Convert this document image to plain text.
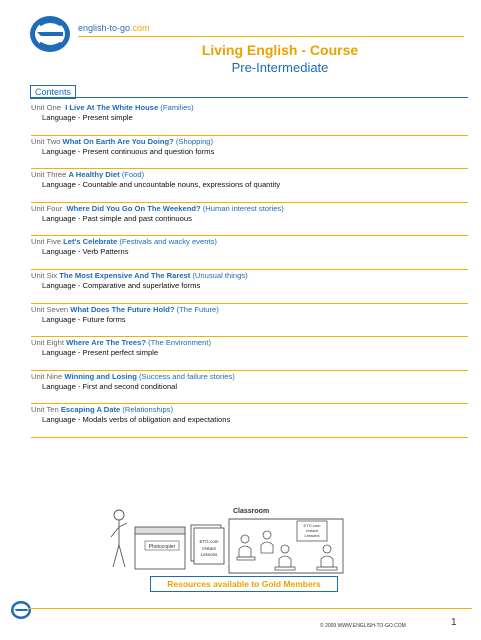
english-to-go.com
Living English - Course
Pre-Intermediate
Contents
Unit One I Live At The White House (Families)
Language - Present simple
Unit Two What On Earth Are You Doing? (Shopping)
Language - Present continuous and question forms
Unit Three A Healthy Diet (Food)
Language - Countable and uncountable nouns, expressions of quantity
Unit Four Where Did You Go On The Weekend? (Human interest stories)
Language - Past simple and past continuous
Unit Five Let's Celebrate (Festivals and wacky events)
Language - Verb Patterns
Unit Six The Most Expensive And The Rarest (Unusual things)
Language - Comparative and superlative forms
Unit Seven What Does The Future Hold? (The Future)
Language - Future forms
Unit Eight Where Are The Trees? (The Environment)
Language - Present perfect simple
Unit Nine Winning and Losing (Success and failure stories)
Language - First and second conditional
Unit Ten Escaping A Date (Relationships)
Language - Modals verbs of obligation and expectations
Photocopier
ETG.com
Instant
Lessons
Classroom
ETG.com
Instant
Lessons
Resources available to Gold Members
© 2009 WWW.ENGLISH-TO-GO.COM	1
